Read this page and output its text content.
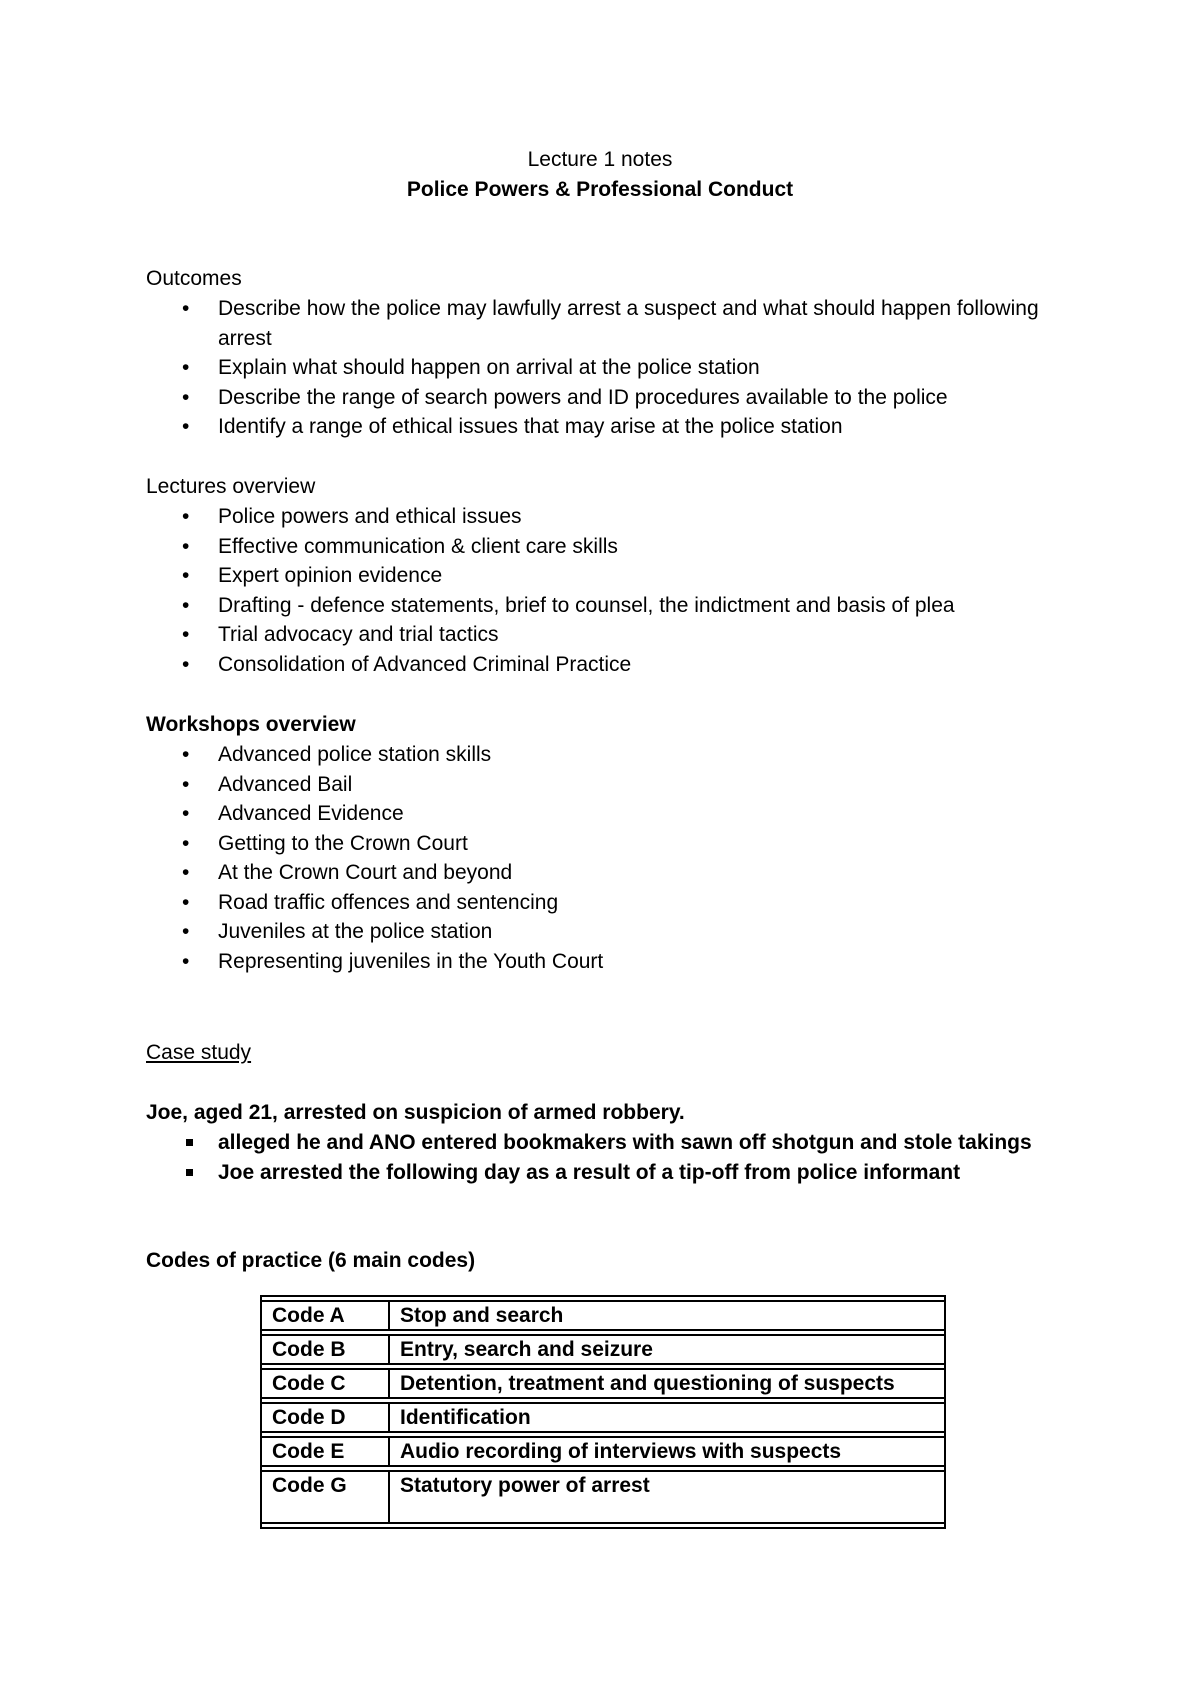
Lecture 1 notes
Police Powers & Professional Conduct
Outcomes
• Describe how the police may lawfully arrest a suspect and what should happen following arrest
• Explain what should happen on arrival at the police station
• Describe the range of search powers and ID procedures available to the police
• Identify a range of ethical issues that may arise at the police station
Lectures overview
• Police powers and ethical issues
• Effective communication & client care skills
• Expert opinion evidence
• Drafting - defence statements, brief to counsel, the indictment and basis of plea
• Trial advocacy and trial tactics
• Consolidation of Advanced Criminal Practice
Workshops overview
• Advanced police station skills
• Advanced Bail
• Advanced Evidence
• Getting to the Crown Court
• At the Crown Court and beyond
• Road traffic offences and sentencing
• Juveniles at the police station
• Representing juveniles in the Youth Court
Case study
Joe, aged 21, arrested on suspicion of armed robbery.
alleged he and ANO entered bookmakers with sawn off shotgun and stole takings
Joe arrested the following day as a result of a tip-off from police informant
Codes of practice (6 main codes)
Code A	Stop and search
Code B	Entry, search and seizure
Code C	Detention, treatment and questioning of suspects
Code D	Identification
Code E	Audio recording of interviews with suspects
Code G	Statutory power of arrest
